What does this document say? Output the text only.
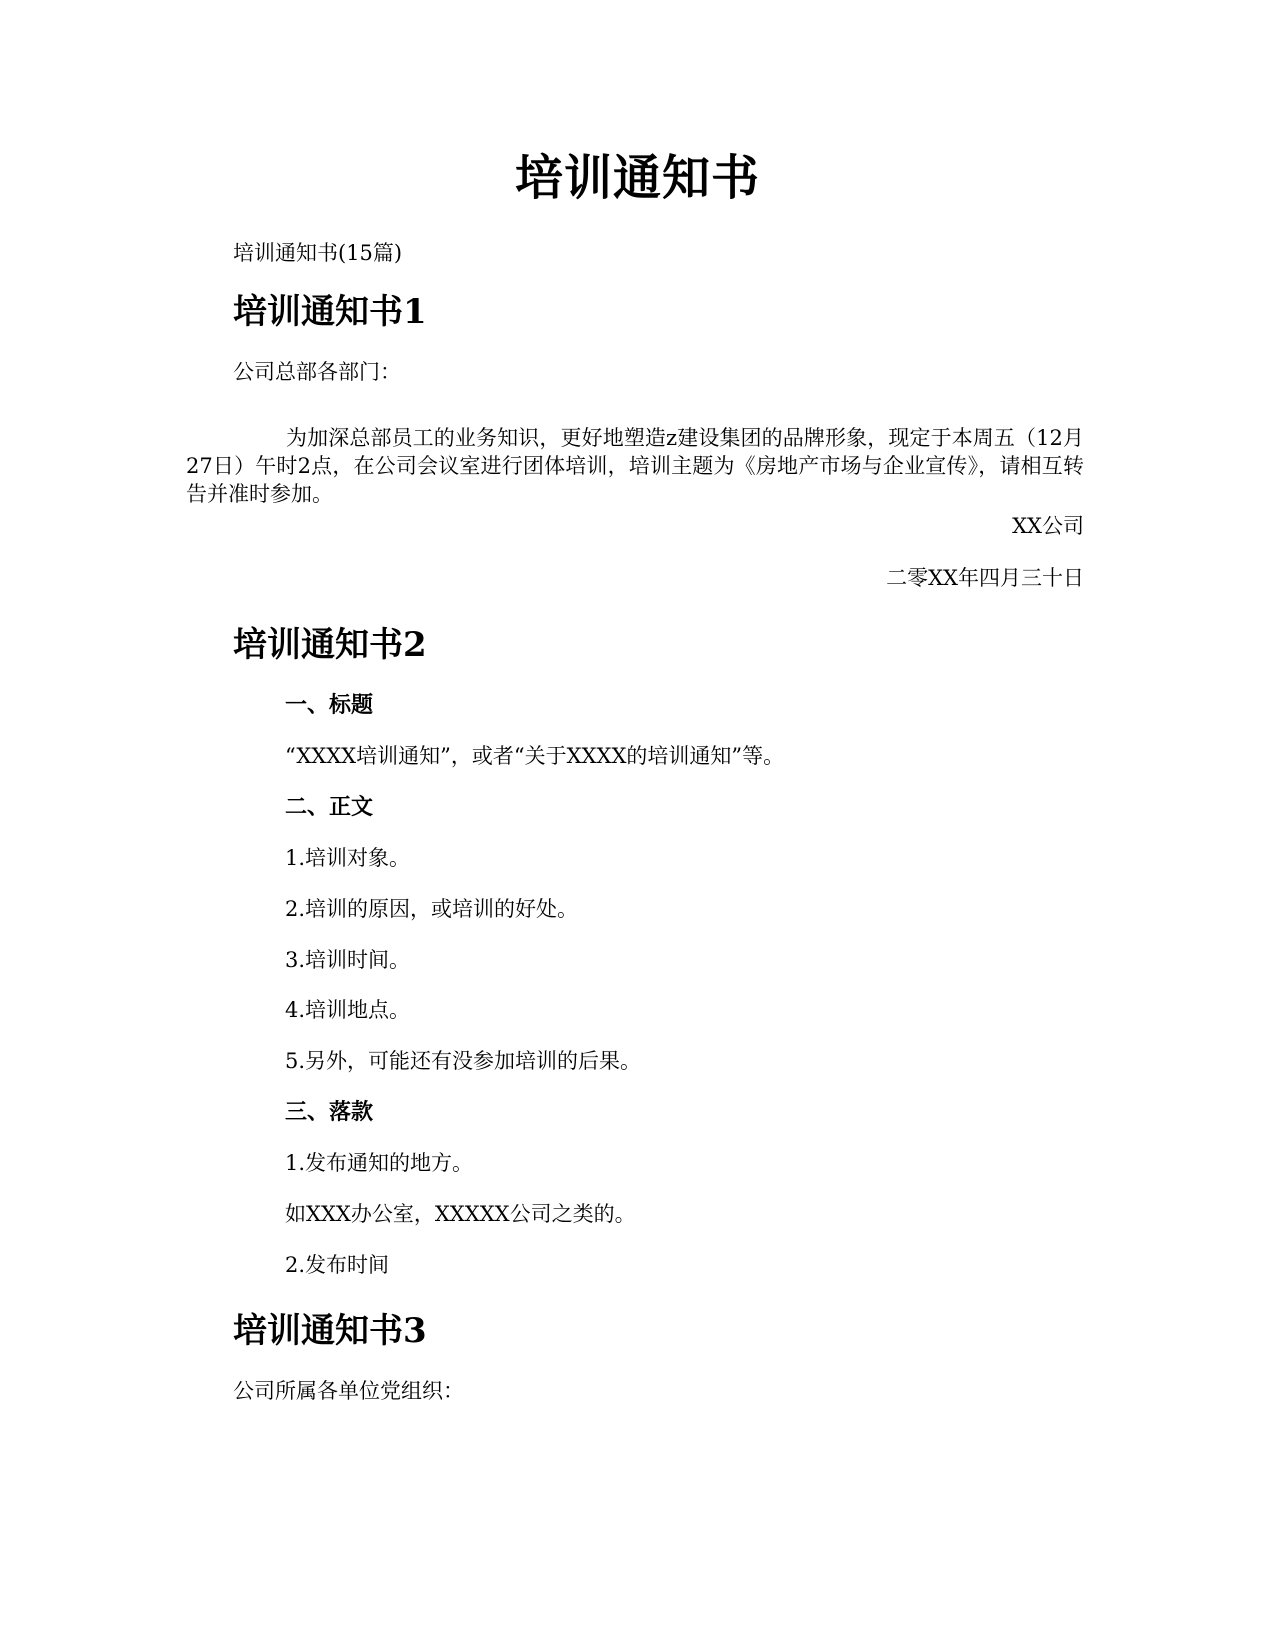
培训通知书

培训通知书(15篇)

培训通知书1

公司总部各部门：

为加深总部员工的业务知识，更好地塑造z建设集团的品牌形象，现定于本周五（12月27日）午时2点，在公司会议室进行团体培训，培训主题为《房地产市场与企业宣传》，请相互转告并准时参加。

XX公司

二零XX年四月三十日

培训通知书2

一、标题

“XXXX培训通知”，或者“关于XXXX的培训通知”等。

二、正文

1.培训对象。

2.培训的原因，或培训的好处。

3.培训时间。

4.培训地点。

5.另外，可能还有没参加培训的后果。

三、落款

1.发布通知的地方。

如XXX办公室，XXXXX公司之类的。

2.发布时间

培训通知书3

公司所属各单位党组织：
